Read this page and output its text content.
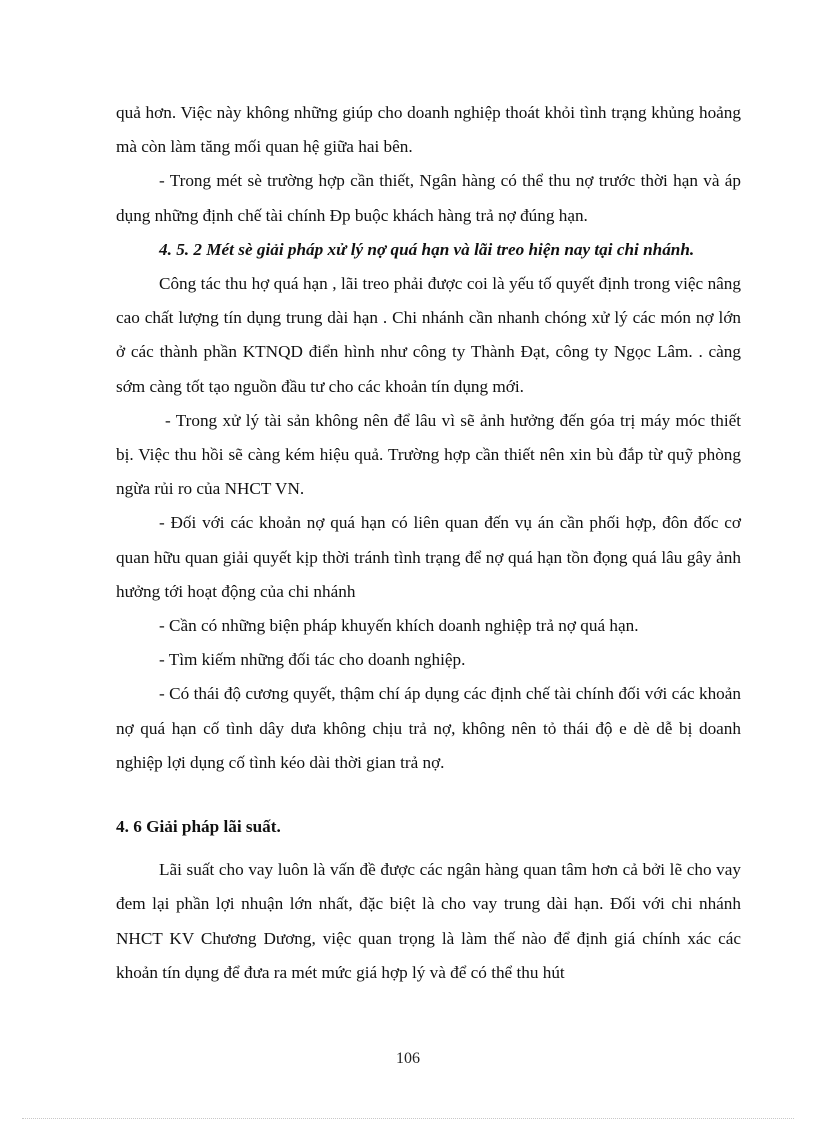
quả hơn. Việc này không những giúp cho doanh nghiệp thoát khỏi tình trạng khủng hoảng mà còn làm tăng mối quan hệ giữa hai bên.

- Trong mét sè trường hợp cần thiết, Ngân hàng có thể thu nợ trước thời hạn và áp dụng những định chế tài chính Ðp buộc khách hàng trả nợ đúng hạn.

4. 5. 2 Mét sè giải pháp xử lý nợ quá hạn và lãi treo hiện nay tại chi nhánh.

Công tác thu hợ quá hạn , lãi treo phải được coi là yếu tố quyết định trong việc nâng cao chất lượng tín dụng trung dài hạn . Chi nhánh cần nhanh chóng xử lý các món nợ lớn ở các thành phần KTNQD điển hình như công ty Thành Đạt, công ty Ngọc Lâm. . càng sớm càng tốt tạo nguồn đầu tư cho các khoản tín dụng mới.

- Trong xử lý tài sản không nên để lâu vì sẽ ảnh hưởng đến góa trị máy móc thiết bị. Việc thu hồi sẽ càng kém hiệu quả. Trường hợp cần thiết nên xin bù đắp từ quỹ phòng ngừa rủi ro của NHCT VN.

- Đối với các khoản nợ quá hạn có liên quan đến vụ án cần phối hợp, đôn đốc cơ quan hữu quan giải quyết kịp thời tránh tình trạng để nợ quá hạn tồn đọng quá lâu gây ảnh hưởng tới hoạt động của chi nhánh

- Cần có những biện pháp khuyến khích doanh nghiệp trả nợ quá hạn.

- Tìm kiếm những đối tác cho doanh nghiệp.

- Có thái độ cương quyết, thậm chí áp dụng các định chế tài chính đối với các khoản nợ quá hạn cố tình dây dưa không chịu trả nợ, không nên tỏ thái độ e dè dễ bị doanh nghiệp lợi dụng cố tình kéo dài thời gian trả nợ.

4. 6 Giải pháp lãi suất.

Lãi suất cho vay luôn là vấn đề được các ngân hàng quan tâm hơn cả bởi lẽ cho vay đem lại phần lợi nhuận lớn nhất, đặc biệt là cho vay trung dài hạn. Đối với chi nhánh NHCT KV Chương Dương, việc quan trọng là làm thế nào để định giá chính xác các khoản tín dụng để đưa ra mét mức giá hợp lý và để có thể thu hút

106
